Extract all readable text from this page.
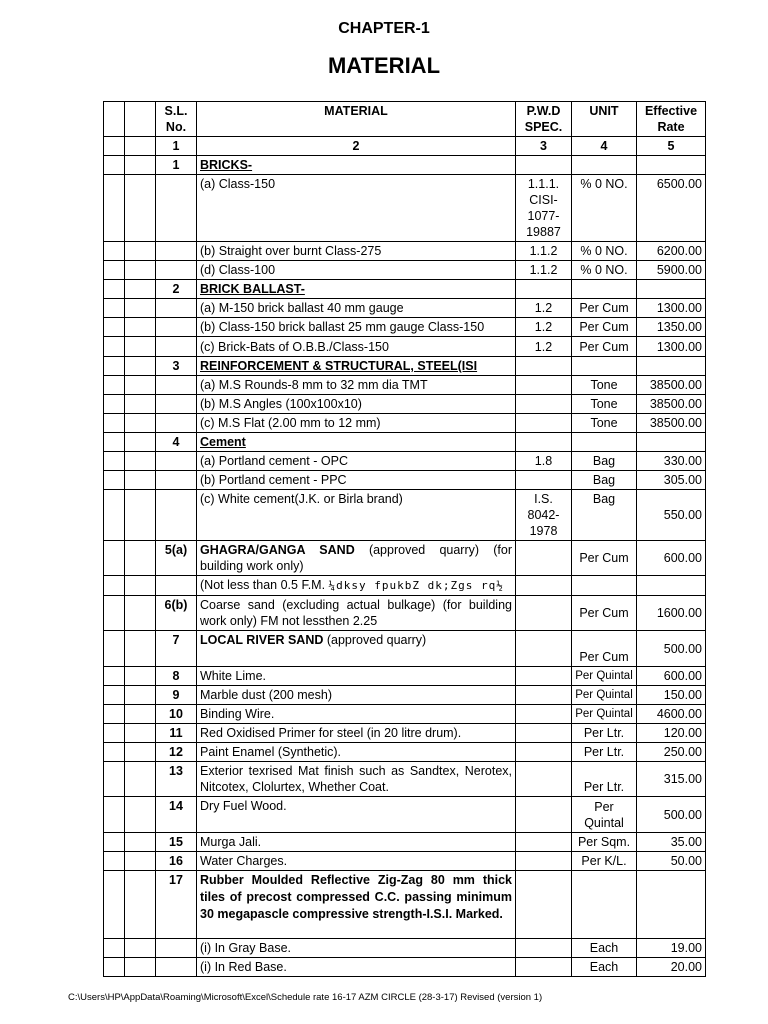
CHAPTER-1
MATERIAL
		S.L. No.	MATERIAL	P.W.D SPEC.	UNIT	Effective Rate
		1	2	3	4	5
		1	BRICKS-			
			(a) Class-150	1.1.1. CISI-1077-19887	% 0 NO.	6500.00
			(b) Straight over burnt Class-275	1.1.2	% 0 NO.	6200.00
			(d) Class-100	1.1.2	% 0 NO.	5900.00
		2	BRICK BALLAST-			
			(a) M-150 brick ballast 40 mm gauge	1.2	Per Cum	1300.00
			(b) Class-150 brick ballast 25 mm gauge Class-150	1.2	Per Cum	1350.00
			(c) Brick-Bats of O.B.B./Class-150	1.2	Per Cum	1300.00
		3	REINFORCEMENT & STRUCTURAL, STEEL(ISI			
			(a) M.S Rounds-8 mm to 32 mm dia TMT		Tone	38500.00
			(b) M.S Angles (100x100x10)		Tone	38500.00
			(c) M.S Flat (2.00 mm to 12 mm)		Tone	38500.00
		4	Cement			
			(a) Portland cement - OPC	1.8	Bag	330.00
			(b) Portland cement - PPC		Bag	305.00
			(c) White cement(J.K. or Birla brand)	I.S. 8042-1978	Bag	550.00
		5(a)	GHAGRA/GANGA SAND (approved quarry) (for building work only)		Per Cum	600.00
			(Not less than 0.5 F.M. ¼dksy fpukbZ dk;Zgs rq½			
		6(b)	Coarse sand (excluding actual bulkage) (for building work only) FM not lessthen 2.25		Per Cum	1600.00
		7	LOCAL RIVER SAND (approved quarry)		Per Cum	500.00
		8	White Lime.		Per Quintal	600.00
		9	Marble dust (200 mesh)		Per Quintal	150.00
		10	Binding Wire.		Per Quintal	4600.00
		11	Red Oxidised Primer for steel (in 20 litre drum).		Per Ltr.	120.00
		12	Paint Enamel (Synthetic).		Per Ltr.	250.00
		13	Exterior texrised Mat finish such as Sandtex, Nerotex, Nitcotex, Clolurtex, Whether Coat.		Per Ltr.	315.00
		14	Dry Fuel Wood.		Per Quintal	500.00
		15	Murga Jali.		Per Sqm.	35.00
		16	Water Charges.		Per K/L.	50.00
		17	Rubber Moulded Reflective Zig-Zag 80 mm thick tiles of precost compressed C.C. passing minimum 30 megapascle compressive strength-I.S.I. Marked.			
			(i) In Gray Base.		Each	19.00
			(i) In Red Base.		Each	20.00
C:\Users\HP\AppData\Roaming\Microsoft\Excel\Schedule rate 16-17 AZM CIRCLE (28-3-17) Revised (version 1)
